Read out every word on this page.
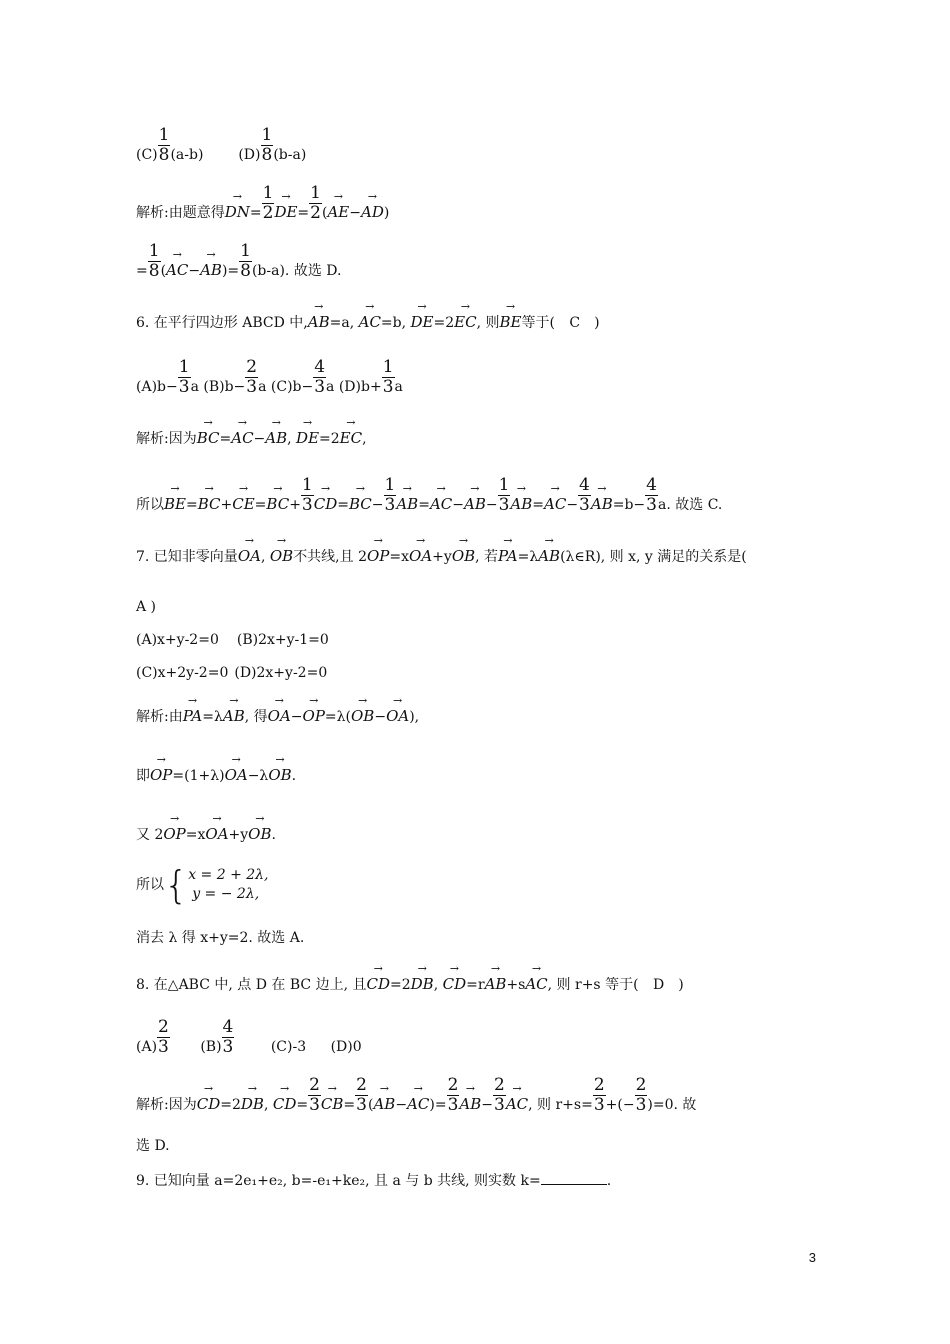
$(C) \frac{1}{8} (a-b)$ $(D) \frac{1}{8} (b-a)$
解析:由题意得→ $DN= \frac{1}{2}$
→ $DE= \frac{1}{2}$ (→ AE−→ AD)
= $\frac{1}{8}$ (→ $AC-\to AB)= \frac{1}{8} (b-a)$. 故选 D.
6. 在平行四边形 ABCD 中,→ AB=a, → AC=b, → DE=2→ EC, 则→ BE等于( C )
$(A)b- \frac{1}{3}$ a $(B)b- \frac{2}{3}$ a $(C)b- \frac{4}{3}$ a $(D)b+ \frac{1}{3}$ a
解析:因为→ BC=→ AC−→ AB, → DE=2→ EC,
所以→ $BE=\to BC+\to CE=\to BC+ \frac{1}{3}$
→ $CD=\to BC- \frac{1}{3}$
→ $AB=\to AC-\to AB- \frac{1}{3}$
→ $AB=\to AC- \frac{4}{3}$
→ $AB=b- \frac{4}{3} a$. 故选 C.
7. 已知非零向量→ OA, → OB不共线,且 2→ OP=x→ OA+y→ OB, 若→ PA=λ→ AB(λ∈R), 则 x, y 满足的关系是(
A )
(A)x+y-2=0 (B)2x+y-1=0
(C)x+2y-2=0 (D)2x+y-2=0
解析:由→ PA=λ→ AB, 得→ OA−→ OP=λ(→ OB−→ OA),
即→ OP=(1+λ)→ OA−λ→ OB.
又 2→ OP=x→ OA+y→ OB.
所以 { x = 2 + 2λ,
y = − 2λ,
消去 λ 得 x+y=2. 故选 A.
8. 在△ABC 中, 点 D 在 BC 边上, 且→ CD=2→ DB, → CD=r→ AB+s→ AC, 则 r+s 等于( D )
$(A) \frac{2}{3} (B) \frac{4}{3}$	(C)-3 (D)0
解析:因为→ CD=2→ DB, → $CD= \frac{2}{3}$
→ $CB= \frac{2}{3}$ (→ $AB-\to AC)= \frac{2}{3}$
→ $AB- \frac{2}{3}$
→ AC, 则 $r+s= \frac{2}{3}$ +(− $\frac{2}{3} )=0$. 故
选 D.
9. 已知向量 a=2e₁+e₂, b=-e₁+ke₂, 且 a 与 b 共线, 则实数 k=	.
3
